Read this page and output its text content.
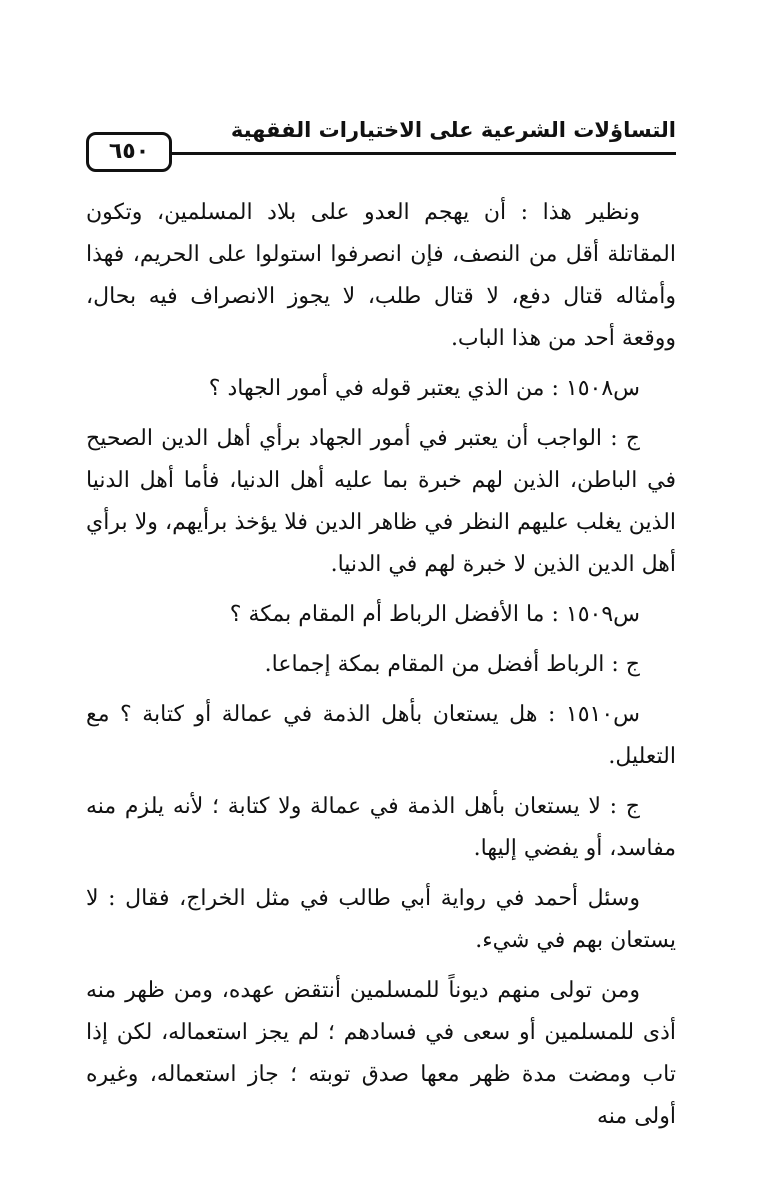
التساؤلات الشرعية على الاختيارات الفقهية
٦٥٠

ونظير هذا : أن يهجم العدو على بلاد المسلمين، وتكون المقاتلة أقل من النصف، فإن انصرفوا استولوا على الحريم، فهذا وأمثاله قتال دفع، لا قتال طلب، لا يجوز الانصراف فيه بحال، ووقعة أحد من هذا الباب.

س١٥٠٨ : من الذي يعتبر قوله في أمور الجهاد ؟

ج : الواجب أن يعتبر في أمور الجهاد برأي أهل الدين الصحيح في الباطن، الذين لهم خبرة بما عليه أهل الدنيا، فأما أهل الدنيا الذين يغلب عليهم النظر في ظاهر الدين فلا يؤخذ برأيهم، ولا برأي أهل الدين الذين لا خبرة لهم في الدنيا.

س١٥٠٩ : ما الأفضل الرباط أم المقام بمكة ؟

ج : الرباط أفضل من المقام بمكة إجماعا.

س١٥١٠ : هل يستعان بأهل الذمة في عمالة أو كتابة ؟ مع التعليل.

ج : لا يستعان بأهل الذمة في عمالة ولا كتابة ؛ لأنه يلزم منه مفاسد، أو يفضي إليها.

وسئل أحمد في رواية أبي طالب في مثل الخراج، فقال : لا يستعان بهم في شيء.

ومن تولى منهم ديوناً للمسلمين أنتقض عهده، ومن ظهر منه أذى للمسلمين أو سعى في فسادهم ؛ لم يجز استعماله، لكن إذا تاب ومضت مدة ظهر معها صدق توبته ؛ جاز استعماله، وغيره أولى منه
